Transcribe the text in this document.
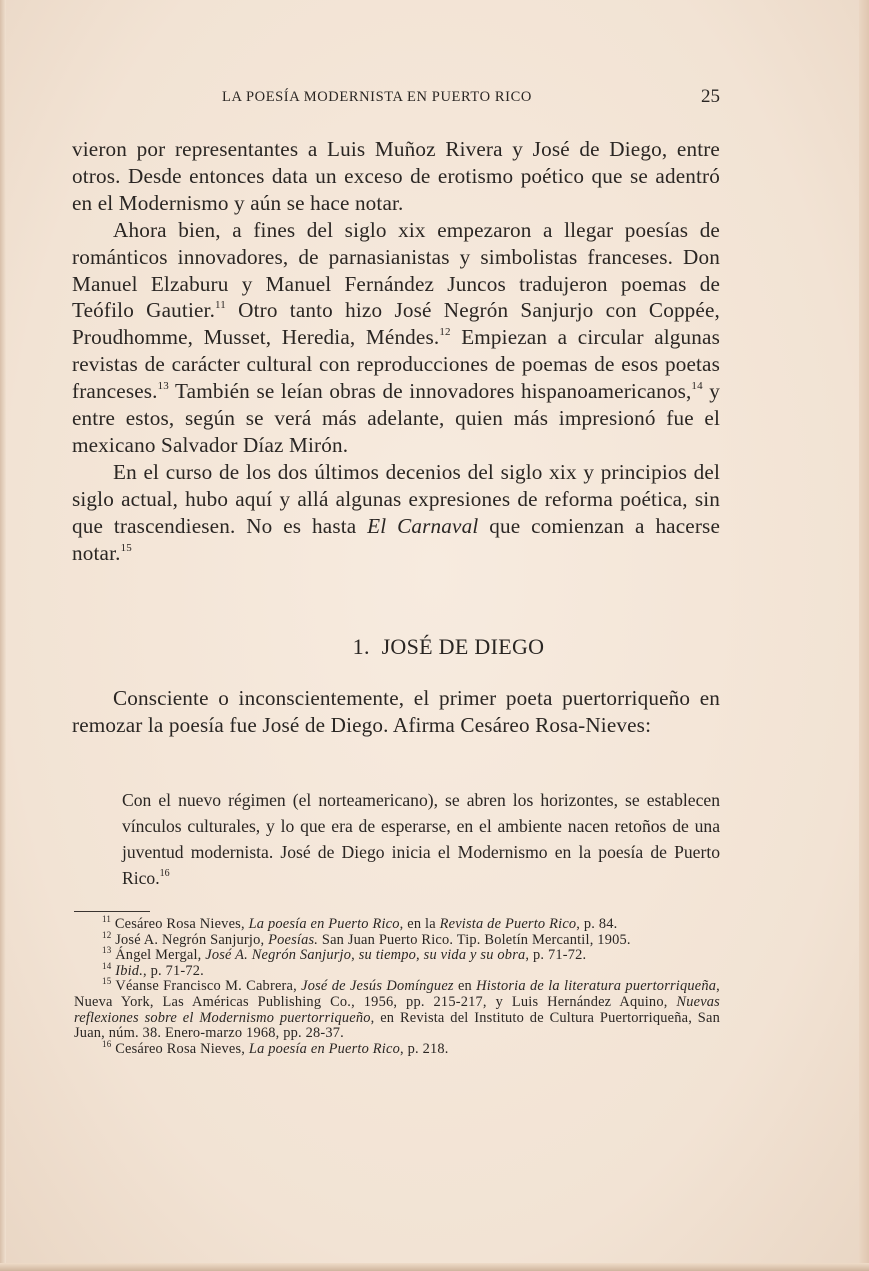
LA POESÍA MODERNISTA EN PUERTO RICO	25

vieron por representantes a Luis Muñoz Rivera y José de Diego, entre otros. Desde entonces data un exceso de erotismo poético que se adentró en el Modernismo y aún se hace notar.

Ahora bien, a fines del siglo xix empezaron a llegar poesías de románticos innovadores, de parnasianistas y simbolistas franceses. Don Manuel Elzaburu y Manuel Fernández Juncos tradujeron poemas de Teófilo Gautier.$^{11}$ Otro tanto hizo José Negrón Sanjurjo con Coppée, Proudhomme, Musset, Heredia, Méndes.$^{12}$ Empiezan a circular algunas revistas de carácter cultural con reproducciones de poemas de esos poetas franceses.$^{13}$ También se leían obras de innovadores hispanoamericanos,$^{14}$ y entre estos, según se verá más adelante, quien más impresionó fue el mexicano Salvador Díaz Mirón.

En el curso de los dos últimos decenios del siglo xix y principios del siglo actual, hubo aquí y allá algunas expresiones de reforma poética, sin que trascendiesen. No es hasta El Carnaval que comienzan a hacerse notar.$^{15}$

1. JOSÉ DE DIEGO

Consciente o inconscientemente, el primer poeta puertorriqueño en remozar la poesía fue José de Diego. Afirma Cesáreo Rosa-Nieves:

Con el nuevo régimen (el norteamericano), se abren los horizontes, se establecen vínculos culturales, y lo que era de esperarse, en el ambiente nacen retoños de una juventud modernista. José de Diego inicia el Modernismo en la poesía de Puerto Rico.$^{16}$

$^{11}$ Cesáreo Rosa Nieves, La poesía en Puerto Rico, en la Revista de Puerto Rico, p. 84.

$^{12}$ José A. Negrón Sanjurjo, Poesías. San Juan Puerto Rico. Tip. Boletín Mercantil, 1905.

$^{13}$ Ángel Mergal, José A. Negrón Sanjurjo, su tiempo, su vida y su obra, p. 71-72.

$^{14}$ Ibid., p. 71-72.

$^{15}$ Véanse Francisco M. Cabrera, José de Jesús Domínguez en Historia de la literatura puertorriqueña, Nueva York, Las Américas Publishing Co., 1956, pp. 215-217, y Luis Hernández Aquino, Nuevas reflexiones sobre el Modernismo puertorriqueño, en Revista del Instituto de Cultura Puertorriqueña, San Juan, núm. 38. Enero-marzo 1968, pp. 28-37.

$^{16}$ Cesáreo Rosa Nieves, La poesía en Puerto Rico, p. 218.
